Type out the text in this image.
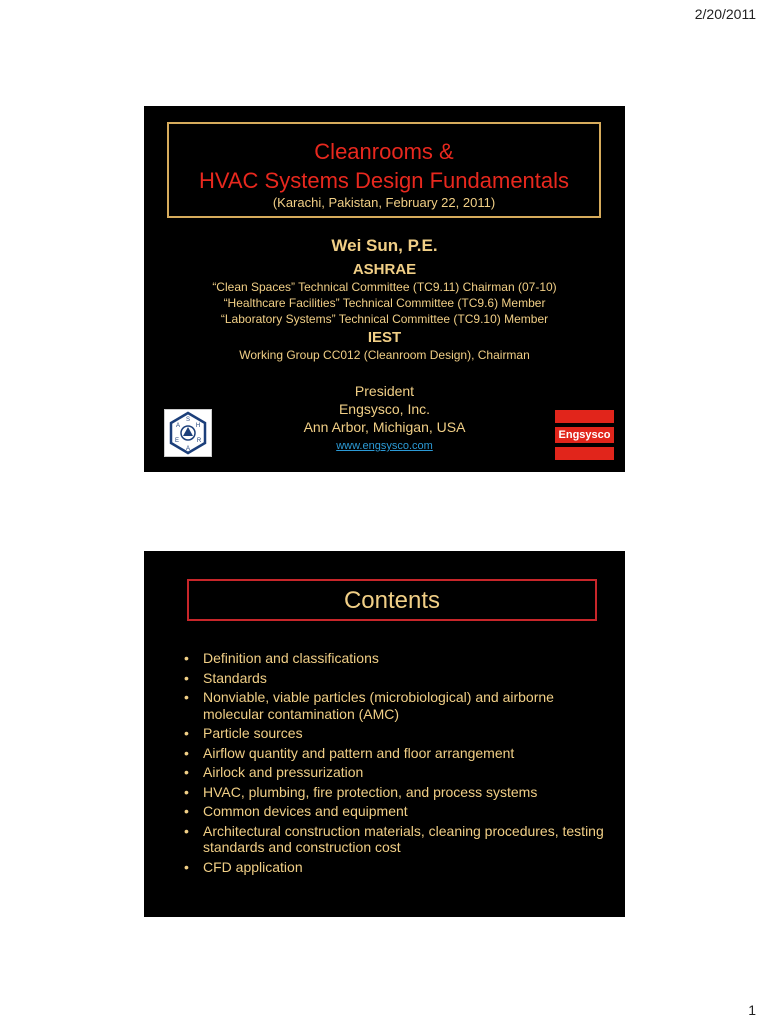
2/20/2011
Cleanrooms &
HVAC Systems Design Fundamentals
(Karachi, Pakistan, February 22, 2011)
Wei Sun, P.E.
ASHRAE
“Clean Spaces” Technical Committee (TC9.11) Chairman (07-10)
“Healthcare Facilities” Technical Committee (TC9.6) Member
“Laboratory Systems” Technical Committee (TC9.10) Member
IEST
Working Group CC012 (Cleanroom Design), Chairman
President
Engsysco, Inc.
Ann Arbor, Michigan, USA
www.engsysco.com
S
H
R
A
E
A
Engsysco
Contents
• Definition and classifications
• Standards
• Nonviable, viable particles (microbiological) and airborne molecular contamination (AMC)
• Particle sources
• Airflow quantity and pattern and floor arrangement
• Airlock and pressurization
• HVAC, plumbing, fire protection, and process systems
• Common devices and equipment
• Architectural construction materials, cleaning procedures, testing standards and construction cost
• CFD application
1
